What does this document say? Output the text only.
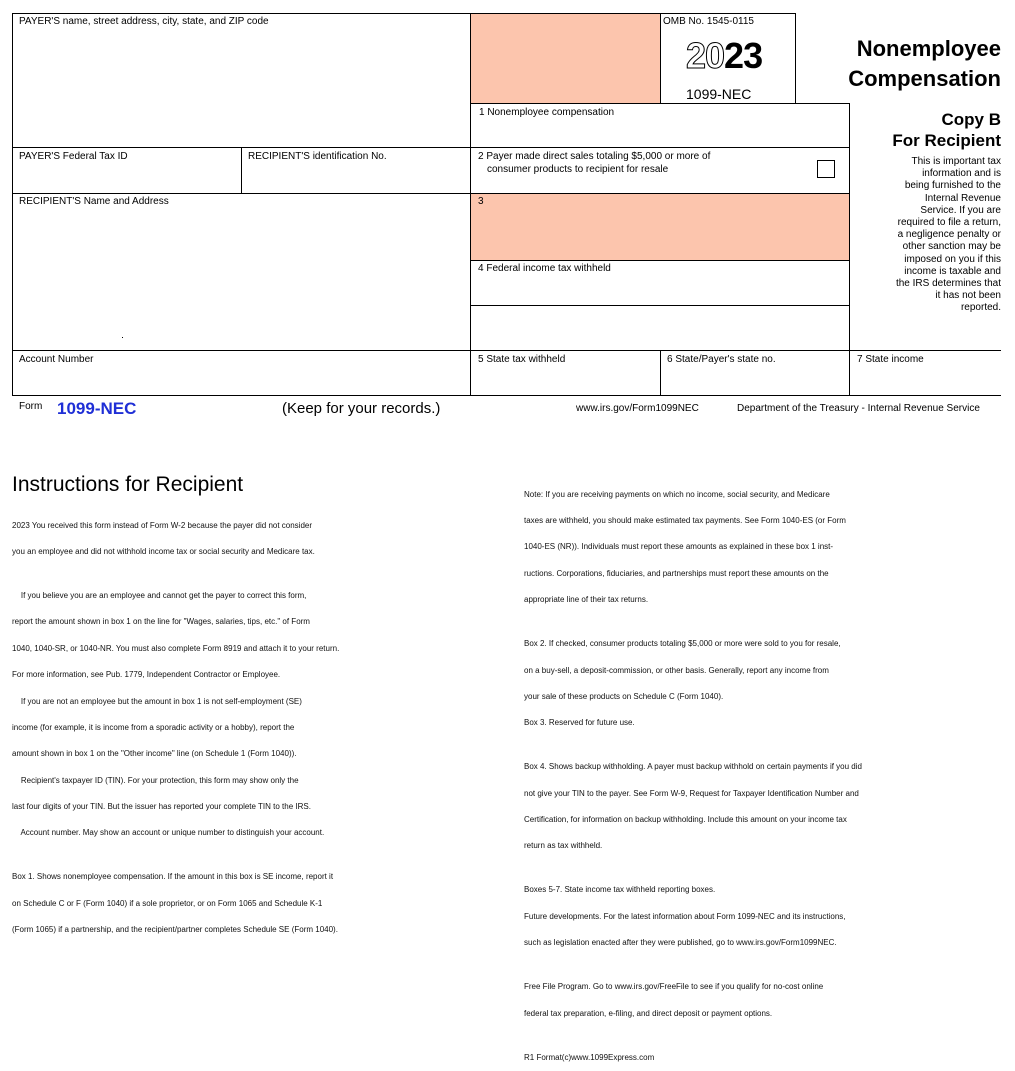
PAYER'S name, street address, city, state, and ZIP code	OMB No. 1545-0115
2023
1099-NEC
Nonemployee
Compensation
Copy B
For Recipient
This is important tax
information and is
being furnished to the
Internal Revenue
Service. If you are
required to file a return,
a negligence penalty or
other sanction may be
imposed on you if this
income is taxable and
the IRS determines that
it has not been
reported.
1 Nonemployee compensation
PAYER'S Federal Tax ID	RECIPIENT'S identification No.	2 Payer made direct sales totaling $5,000 or more of
consumer products to recipient for resale
RECIPIENT'S Name and Address	3
4 Federal income tax withheld
Account Number	5 State tax withheld	6 State/Payer's state no.	7 State income
Form 1099-NEC	(Keep for your records.)	www.irs.gov/Form1099NEC	Department of the Treasury - Internal Revenue Service
Instructions for Recipient

2023 You received this form instead of Form W-2 because the payer did not consider

you an employee and did not withhold income tax or social security and Medicare tax.

If you believe you are an employee and cannot get the payer to correct this form,

report the amount shown in box 1 on the line for "Wages, salaries, tips, etc." of Form

1040, 1040-SR, or 1040-NR. You must also complete Form 8919 and attach it to your return.

For more information, see Pub. 1779, Independent Contractor or Employee.

If you are not an employee but the amount in box 1 is not self-employment (SE)

income (for example, it is income from a sporadic activity or a hobby), report the

amount shown in box 1 on the "Other income" line (on Schedule 1 (Form 1040)).

Recipient's taxpayer ID (TIN). For your protection, this form may show only the

last four digits of your TIN. But the issuer has reported your complete TIN to the IRS.

Account number. May show an account or unique number to distinguish your account.

Box 1. Shows nonemployee compensation. If the amount in this box is SE income, report it

on Schedule C or F (Form 1040) if a sole proprietor, or on Form 1065 and Schedule K-1

(Form 1065) if a partnership, and the recipient/partner completes Schedule SE (Form 1040).

Note: If you are receiving payments on which no income, social security, and Medicare

taxes are withheld, you should make estimated tax payments. See Form 1040-ES (or Form

1040-ES (NR)). Individuals must report these amounts as explained in these box 1 inst-

ructions. Corporations, fiduciaries, and partnerships must report these amounts on the

appropriate line of their tax returns.

Box 2. If checked, consumer products totaling $5,000 or more were sold to you for resale,

on a buy-sell, a deposit-commission, or other basis. Generally, report any income from

your sale of these products on Schedule C (Form 1040).

Box 3. Reserved for future use.

Box 4. Shows backup withholding. A payer must backup withhold on certain payments if you did

not give your TIN to the payer. See Form W-9, Request for Taxpayer Identification Number and

Certification, for information on backup withholding. Include this amount on your income tax

return as tax withheld.

Boxes 5-7. State income tax withheld reporting boxes.

Future developments. For the latest information about Form 1099-NEC and its instructions,

such as legislation enacted after they were published, go to www.irs.gov/Form1099NEC.

Free File Program. Go to www.irs.gov/FreeFile to see if you qualify for no-cost online

federal tax preparation, e-filing, and direct deposit or payment options.

R1 Format(c)www.1099Express.com
